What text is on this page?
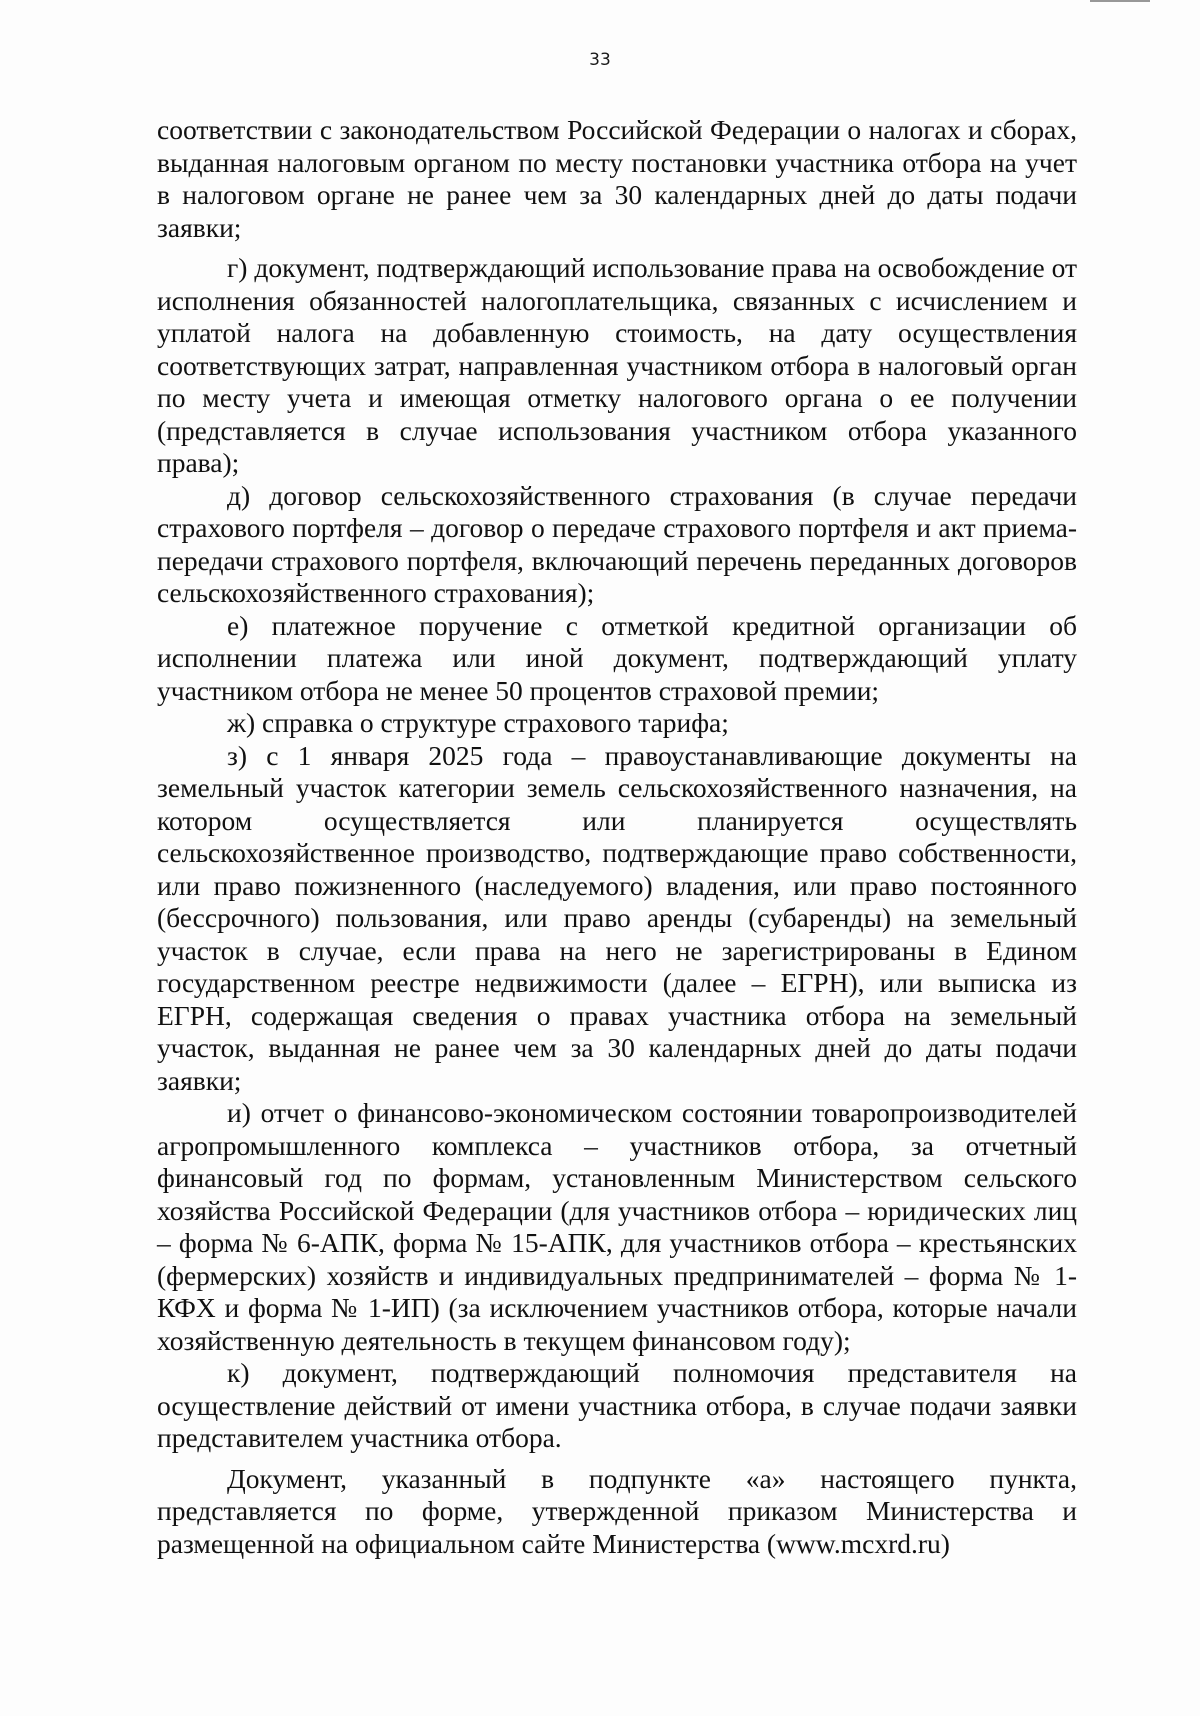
33

соответствии с законодательством Российской Федерации о налогах и сборах, выданная налоговым органом по месту постановки участника отбора на учет в налоговом органе не ранее чем за 30 календарных дней до даты подачи заявки;

г) документ, подтверждающий использование права на освобождение от исполнения обязанностей налогоплательщика, связанных с исчислением и уплатой налога на добавленную стоимость, на дату осуществления соответствующих затрат, направленная участником отбора в налоговый орган по месту учета и имеющая отметку налогового органа о ее получении (представляется в случае использования участником отбора указанного права);

д) договор сельскохозяйственного страхования (в случае передачи страхового портфеля – договор о передаче страхового портфеля и акт приема-передачи страхового портфеля, включающий перечень переданных договоров сельскохозяйственного страхования);

е) платежное поручение с отметкой кредитной организации об исполнении платежа или иной документ, подтверждающий уплату участником отбора не менее 50 процентов страховой премии;

ж) справка о структуре страхового тарифа;

з) с 1 января 2025 года – правоустанавливающие документы на земельный участок категории земель сельскохозяйственного назначения, на котором осуществляется или планируется осуществлять сельскохозяйственное производство, подтверждающие право собственности, или право пожизненного (наследуемого) владения, или право постоянного (бессрочного) пользования, или право аренды (субаренды) на земельный участок в случае, если права на него не зарегистрированы в Едином государственном реестре недвижимости (далее – ЕГРН), или выписка из ЕГРН, содержащая сведения о правах участника отбора на земельный участок, выданная не ранее чем за 30 календарных дней до даты подачи заявки;

и) отчет о финансово-экономическом состоянии товаропроизводителей агропромышленного комплекса – участников отбора, за отчетный финансовый год по формам, установленным Министерством сельского хозяйства Российской Федерации (для участников отбора – юридических лиц – форма № 6-АПК, форма № 15-АПК, для участников отбора – крестьянских (фермерских) хозяйств и индивидуальных предпринимателей – форма № 1-КФХ и форма № 1-ИП) (за исключением участников отбора, которые начали хозяйственную деятельность в текущем финансовом году);

к) документ, подтверждающий полномочия представителя на осуществление действий от имени участника отбора, в случае подачи заявки представителем участника отбора.

Документ, указанный в подпункте «а» настоящего пункта, представляется по форме, утвержденной приказом Министерства и размещенной на официальном сайте Министерства (www.mcxrd.ru)
